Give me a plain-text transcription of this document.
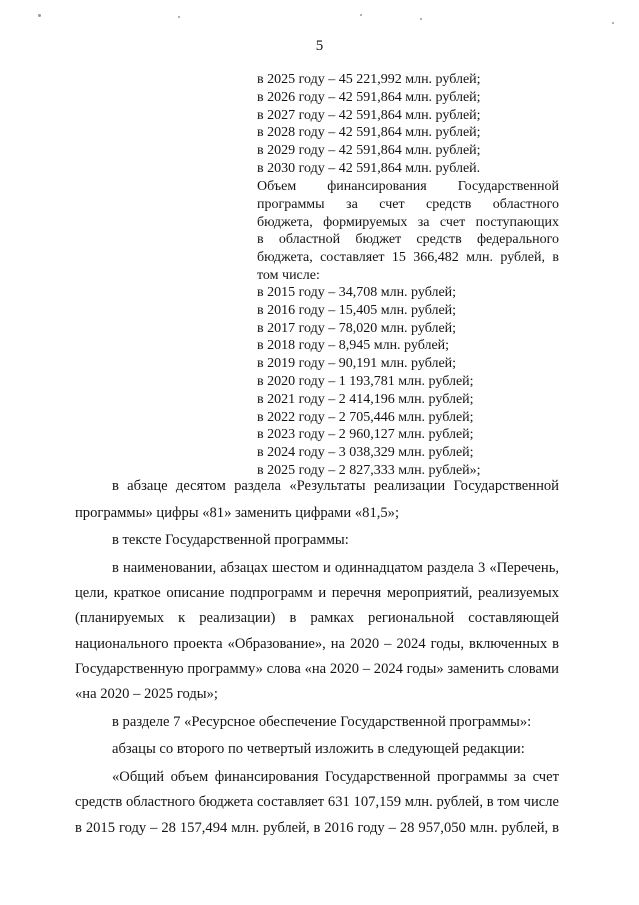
5
в 2025 году – 45 221,992 млн. рублей;
в 2026 году – 42 591,864 млн. рублей;
в 2027 году – 42 591,864 млн. рублей;
в 2028 году – 42 591,864 млн. рублей;
в 2029 году – 42 591,864 млн. рублей;
в 2030 году – 42 591,864 млн. рублей.
Объем финансирования Государственной
программы за счет средств областного
бюджета, формируемых за счет поступающих
в областной бюджет средств федерального
бюджета, составляет 15 366,482 млн. рублей, в
том числе:
в 2015 году – 34,708 млн. рублей;
в 2016 году – 15,405 млн. рублей;
в 2017 году – 78,020 млн. рублей;
в 2018 году – 8,945 млн. рублей;
в 2019 году – 90,191 млн. рублей;
в 2020 году – 1 193,781 млн. рублей;
в 2021 году – 2 414,196 млн. рублей;
в 2022 году – 2 705,446 млн. рублей;
в 2023 году – 2 960,127 млн. рублей;
в 2024 году – 3 038,329 млн. рублей;
в 2025 году – 2 827,333 млн. рублей»;
в абзаце десятом раздела «Результаты реализации Государственной
программы» цифры «81» заменить цифрами «81,5»;
в тексте Государственной программы:
в наименовании, абзацах шестом и одиннадцатом раздела 3 «Перечень,
цели, краткое описание подпрограмм и перечня мероприятий, реализуемых
(планируемых к реализации) в рамках региональной составляющей
национального проекта «Образование», на 2020 – 2024 годы, включенных в
Государственную программу» слова «на 2020 – 2024 годы» заменить словами
«на 2020 – 2025 годы»;
в разделе 7 «Ресурсное обеспечение Государственной программы»:
абзацы со второго по четвертый изложить в следующей редакции:
«Общий объем финансирования Государственной программы за счет
средств областного бюджета составляет 631 107,159 млн. рублей, в том числе
в 2015 году – 28 157,494 млн. рублей, в 2016 году – 28 957,050 млн. рублей, в
